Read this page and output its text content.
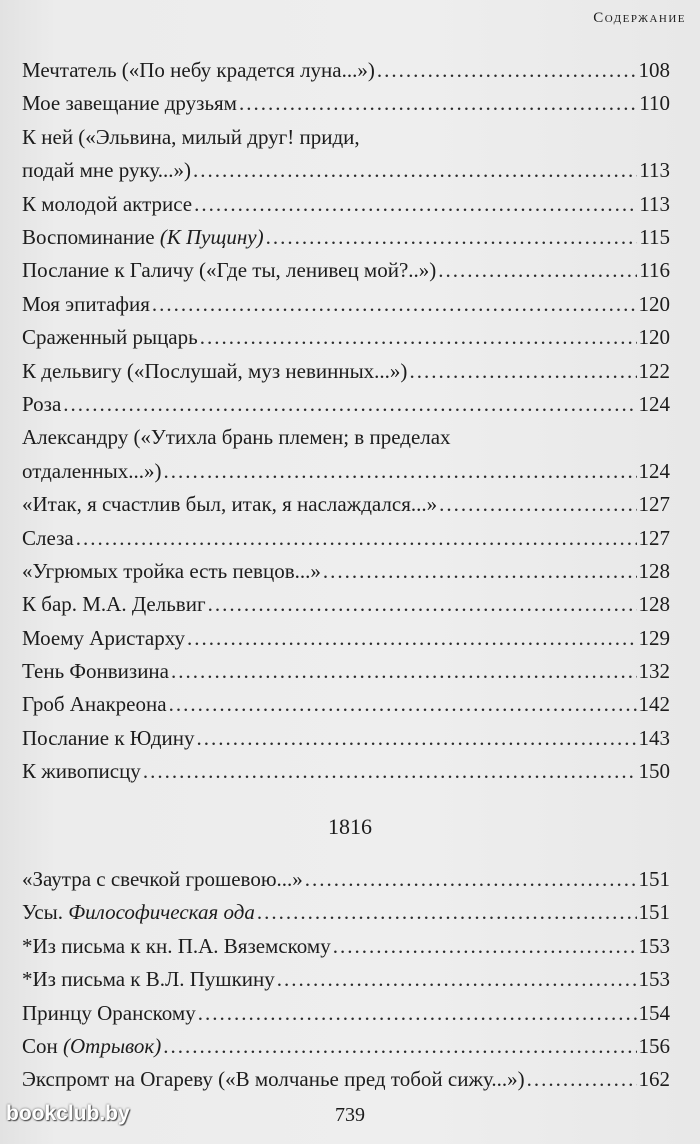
Содержание
Мечтатель («По небу крадется луна...») .....	108
Мое завещание друзьям .....	110
К ней («Эльвина, милый друг! приди,
подай мне руку...») .....	113
К молодой актрисе .....	113
Воспоминание (К Пущину) .....	115
Послание к Галичу («Где ты, ленивец мой?..») .....	116
Моя эпитафия .....	120
Сраженный рыцарь .....	120
К дельвигу («Послушай, муз невинных...») .....	122
Роза .....	124
Александру («Утихла брань племен; в пределах
отдаленных...») .....	124
«Итак, я счастлив был, итак, я наслаждался...» .....	127
Слеза .....	127
«Угрюмых тройка есть певцов...» .....	128
К бар. М.А. Дельвиг .....	128
Моему Аристарху .....	129
Тень Фонвизина .....	132
Гроб Анакреона .....	142
Послание к Юдину .....	143
К живописцу .....	150
1816
«Заутра с свечкой грошевою...» .....	151
Усы. Философическая ода .....	151
*Из письма к кн. П.А. Вяземскому .....	153
*Из письма к В.Л. Пушкину .....	153
Принцу Оранскому .....	154
Сон (Отрывок) .....	156
Экспромт на Огареву («В молчанье пред тобой сижу...») .....	162
739
bookclub.by
